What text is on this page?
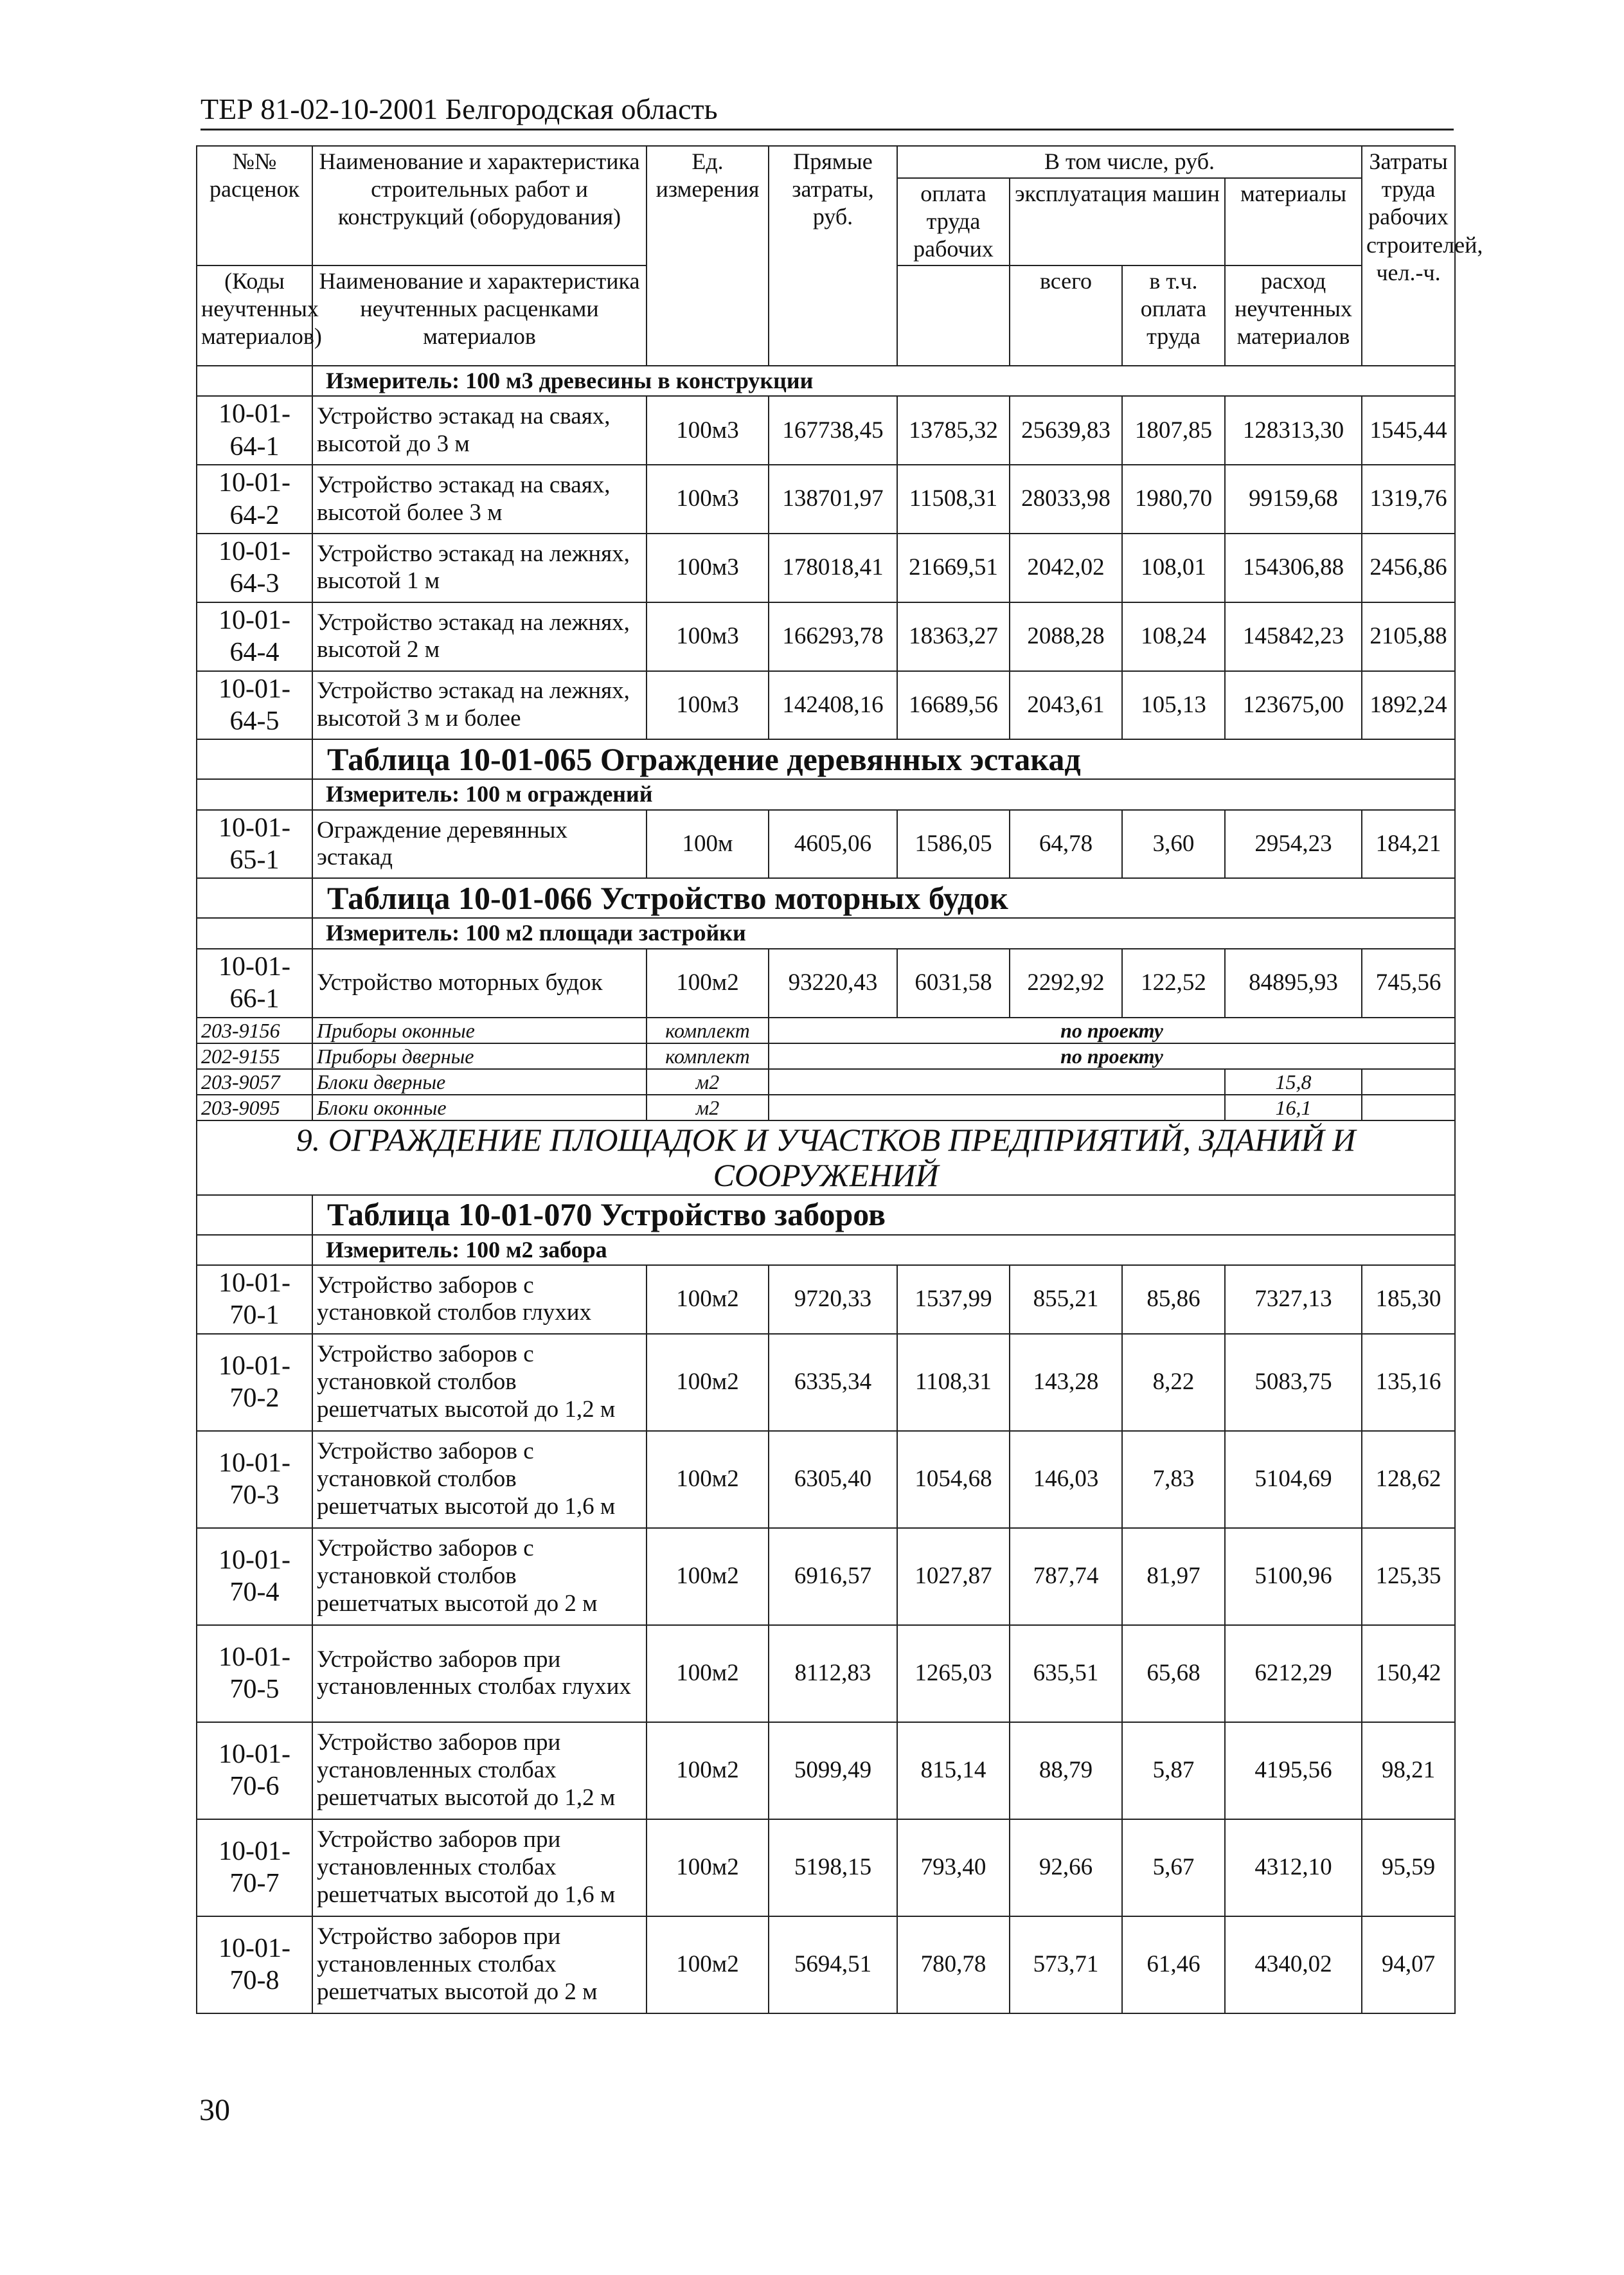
ТЕР 81-02-10-2001 Белгородская область
№№ расценок	Наименование и характеристика строительных работ и конструкций (оборудования)	Ед. измерения	Прямые затраты, руб.	В том числе, руб.				Затраты труда рабочих строителей, чел.-ч.
				оплата труда рабочих	эксплуатация машин		материалы	
(Коды неучтенных материалов)	Наименование и характеристика неучтенных расценками материалов				всего	в т.ч. оплата труда		
							расход неучтенных материалов	
	Измеритель: 100 м3 древесины в конструкции							
10-01-64-1	Устройство эстакад на сваях, высотой до 3 м	100м3	167738,45	13785,32	25639,83	1807,85	128313,30	1545,44
10-01-64-2	Устройство эстакад на сваях, высотой более 3 м	100м3	138701,97	11508,31	28033,98	1980,70	99159,68	1319,76
10-01-64-3	Устройство эстакад на лежнях, высотой 1 м	100м3	178018,41	21669,51	2042,02	108,01	154306,88	2456,86
10-01-64-4	Устройство эстакад на лежнях, высотой 2 м	100м3	166293,78	18363,27	2088,28	108,24	145842,23	2105,88
10-01-64-5	Устройство эстакад на лежнях, высотой 3 м и более	100м3	142408,16	16689,56	2043,61	105,13	123675,00	1892,24
	Таблица 10-01-065 Ограждение деревянных эстакад							
	Измеритель: 100 м ограждений							
10-01-65-1	Ограждение деревянных эстакад	100м	4605,06	1586,05	64,78	3,60	2954,23	184,21
	Таблица 10-01-066 Устройство моторных будок							
	Измеритель: 100 м2 площади застройки							
10-01-66-1	Устройство моторных будок	100м2	93220,43	6031,58	2292,92	122,52	84895,93	745,56
203-9156	Приборы оконные	комплект	по проекту					
202-9155	Приборы дверные	комплект	по проекту					
203-9057	Блоки дверные	м2					15,8	
203-9095	Блоки оконные	м2					16,1	
9. ОГРАЖДЕНИЕ ПЛОЩАДОК И УЧАСТКОВ ПРЕДПРИЯТИЙ, ЗДАНИЙ И СООРУЖЕНИЙ								
	Таблица 10-01-070 Устройство заборов							
	Измеритель: 100 м2 забора							
10-01-70-1	Устройство заборов с установкой столбов глухих	100м2	9720,33	1537,99	855,21	85,86	7327,13	185,30
10-01-70-2	Устройство заборов с установкой столбов решетчатых высотой до 1,2 м	100м2	6335,34	1108,31	143,28	8,22	5083,75	135,16
10-01-70-3	Устройство заборов с установкой столбов решетчатых высотой до 1,6 м	100м2	6305,40	1054,68	146,03	7,83	5104,69	128,62
10-01-70-4	Устройство заборов с установкой столбов решетчатых высотой до 2 м	100м2	6916,57	1027,87	787,74	81,97	5100,96	125,35
10-01-70-5	Устройство заборов при установленных столбах глухих	100м2	8112,83	1265,03	635,51	65,68	6212,29	150,42
10-01-70-6	Устройство заборов при установленных столбах решетчатых высотой до 1,2 м	100м2	5099,49	815,14	88,79	5,87	4195,56	98,21
10-01-70-7	Устройство заборов при установленных столбах решетчатых высотой до 1,6 м	100м2	5198,15	793,40	92,66	5,67	4312,10	95,59
10-01-70-8	Устройство заборов при установленных столбах решетчатых высотой до 2 м	100м2	5694,51	780,78	573,71	61,46	4340,02	94,07
30
